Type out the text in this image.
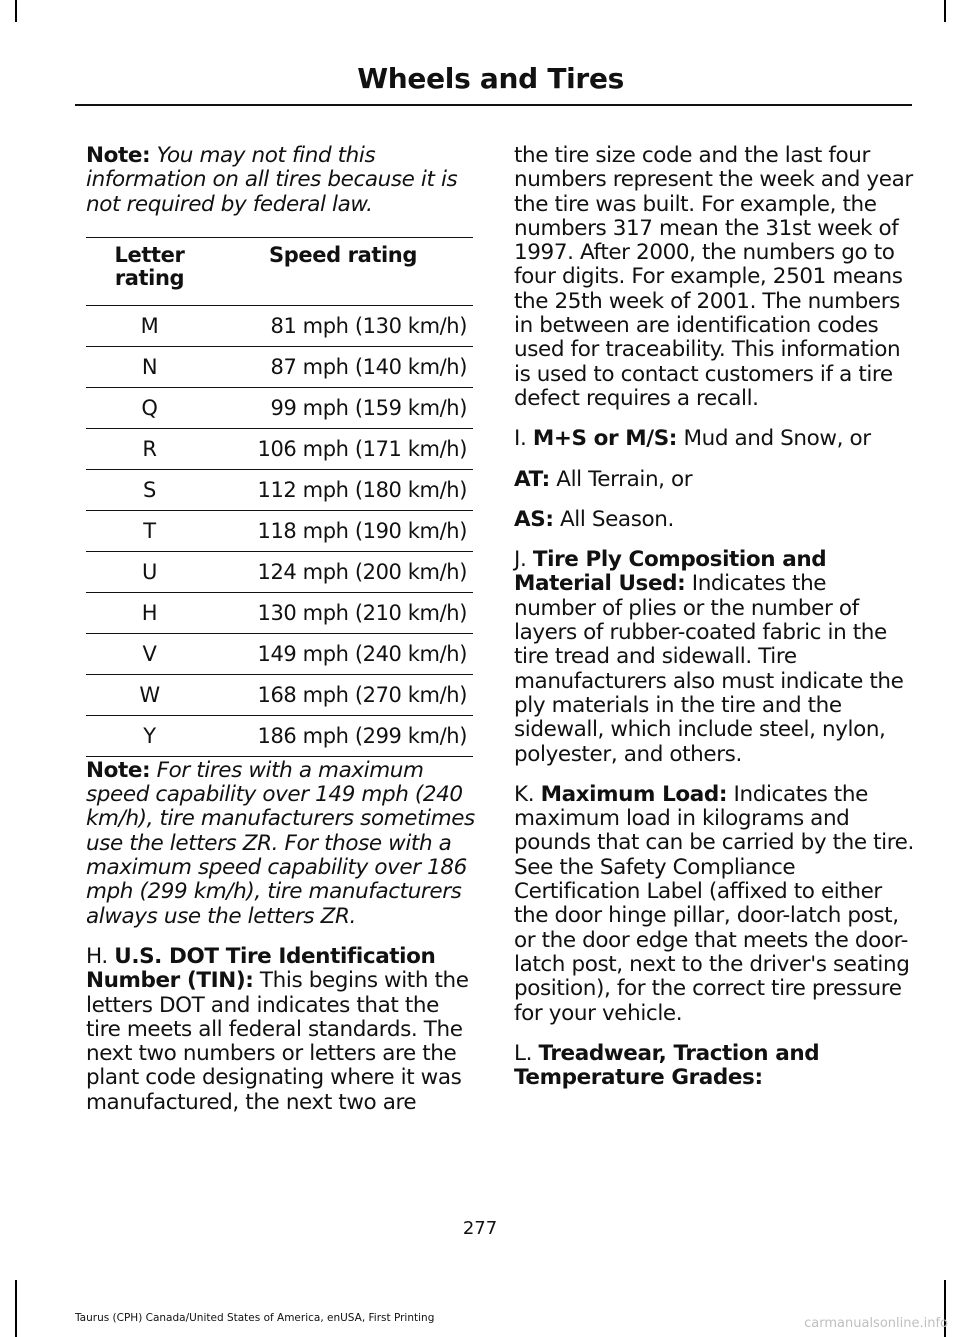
Wheels and Tires

Note: You may not find this information on all tires because it is not required by federal law.

Letter rating	Speed rating
M	81 mph (130 km/h)
N	87 mph (140 km/h)
Q	99 mph (159 km/h)
R	106 mph (171 km/h)
S	112 mph (180 km/h)
T	118 mph (190 km/h)
U	124 mph (200 km/h)
H	130 mph (210 km/h)
V	149 mph (240 km/h)
W	168 mph (270 km/h)
Y	186 mph (299 km/h)

Note: For tires with a maximum speed capability over 149 mph (240 km/h), tire manufacturers sometimes use the letters ZR. For those with a maximum speed capability over 186 mph (299 km/h), tire manufacturers always use the letters ZR.

H. U.S. DOT Tire Identification Number (TIN): This begins with the letters DOT and indicates that the tire meets all federal standards. The next two numbers or letters are the plant code designating where it was manufactured, the next two are

the tire size code and the last four numbers represent the week and year the tire was built. For example, the numbers 317 mean the 31st week of 1997. After 2000, the numbers go to four digits. For example, 2501 means the 25th week of 2001. The numbers in between are identification codes used for traceability. This information is used to contact customers if a tire defect requires a recall.

I. M+S or M/S: Mud and Snow, or

AT: All Terrain, or

AS: All Season.

J. Tire Ply Composition and Material Used: Indicates the number of plies or the number of layers of rubber-coated fabric in the tire tread and sidewall. Tire manufacturers also must indicate the ply materials in the tire and the sidewall, which include steel, nylon, polyester, and others.

K. Maximum Load: Indicates the maximum load in kilograms and pounds that can be carried by the tire. See the Safety Compliance Certification Label (affixed to either the door hinge pillar, door-latch post, or the door edge that meets the door-latch post, next to the driver's seating position), for the correct tire pressure for your vehicle.

L. Treadwear, Traction and Temperature Grades:

277
Taurus (CPH) Canada/United States of America, enUSA, First Printing	carmanualsonline.info
